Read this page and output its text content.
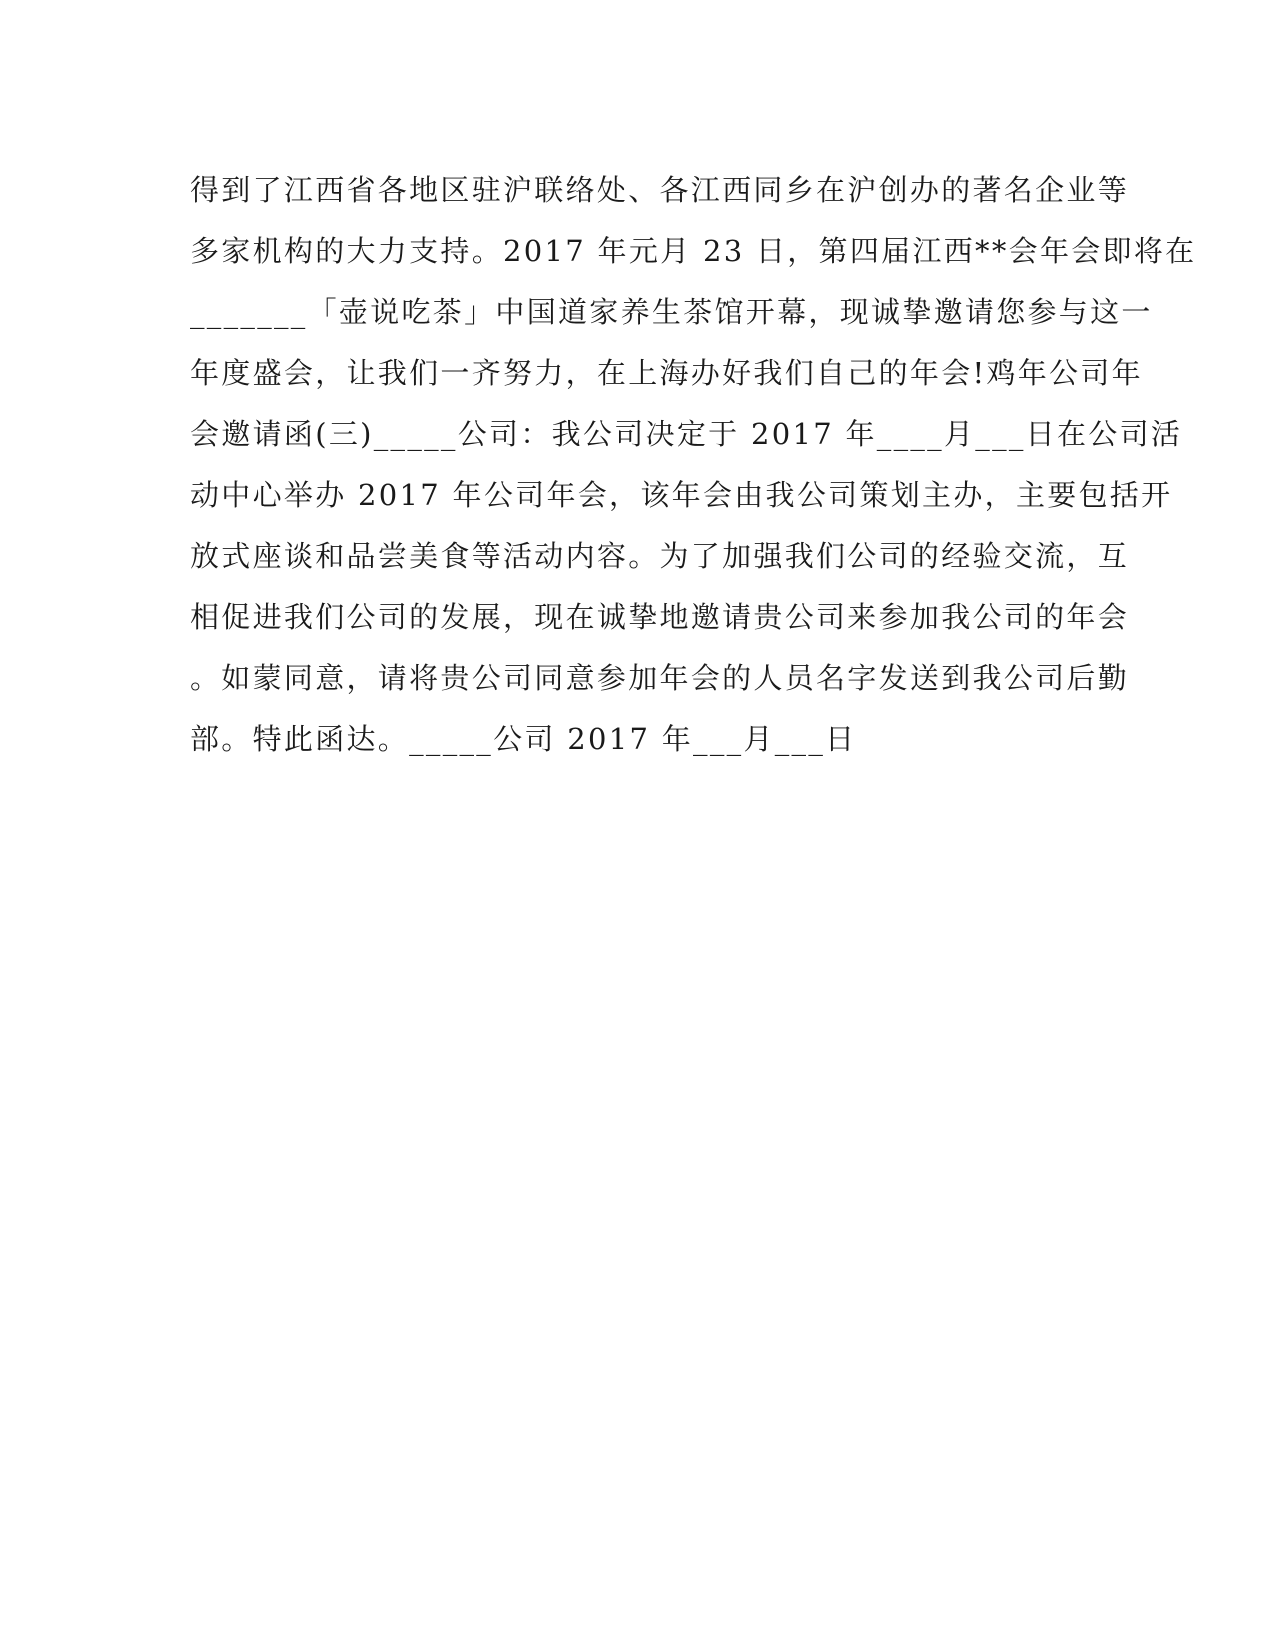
得到了江西省各地区驻沪联络处、各江西同乡在沪创办的著名企业等
多家机构的大力支持。2017 年元月 23 日，第四届江西**会年会即将在
_______「壶说吃茶」中国道家养生茶馆开幕，现诚挚邀请您参与这一
年度盛会，让我们一齐努力，在上海办好我们自己的年会!鸡年公司年
会邀请函(三)_____公司：我公司决定于 2017 年____月___日在公司活
动中心举办 2017 年公司年会，该年会由我公司策划主办，主要包括开
放式座谈和品尝美食等活动内容。为了加强我们公司的经验交流，互
相促进我们公司的发展，现在诚挚地邀请贵公司来参加我公司的年会
。如蒙同意，请将贵公司同意参加年会的人员名字发送到我公司后勤
部。特此函达。_____公司 2017 年___月___日
